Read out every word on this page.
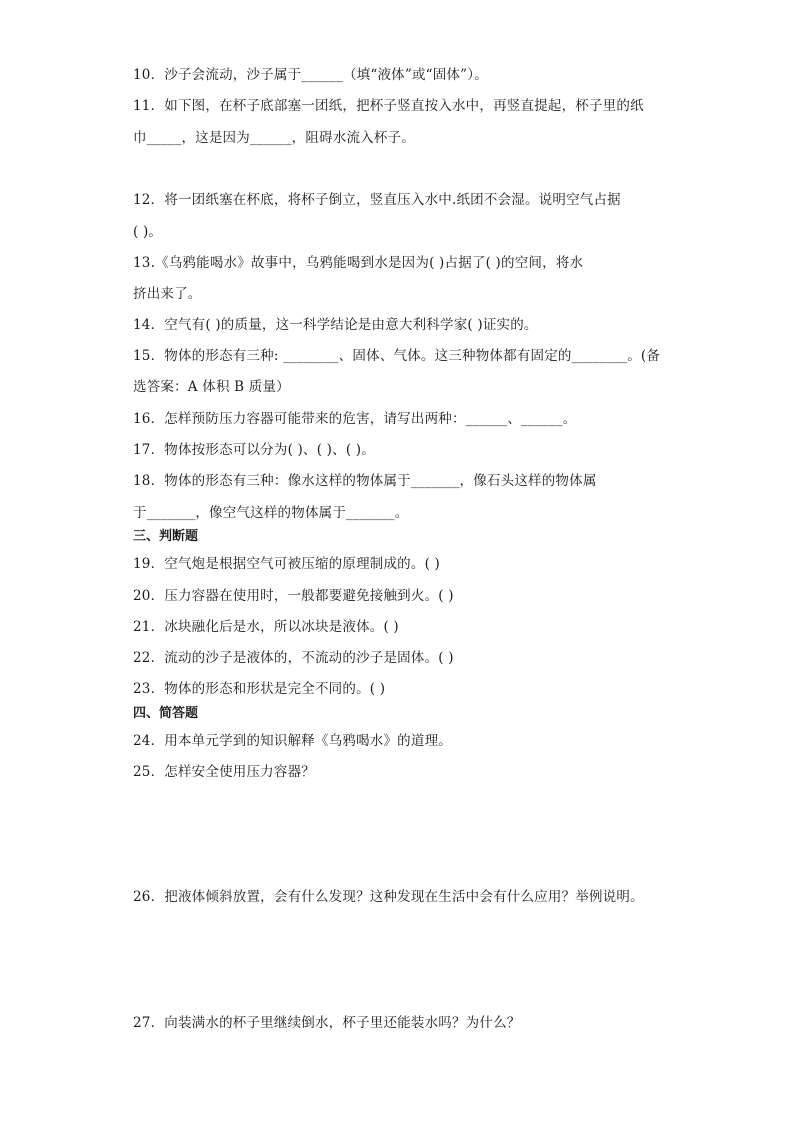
10．沙子会流动，沙子属于______（填“液体”或“固体”）。
11．如下图，在杯子底部塞一团纸，把杯子竖直按入水中，再竖直提起，杯子里的纸
巾_____，这是因为______，阻碍水流入杯子。
12．将一团纸塞在杯底，将杯子倒立，竖直压入水中.纸团不会湿。说明空气占据
( )。
13.《乌鸦能喝水》故事中，乌鸦能喝到水是因为( )占据了( )的空间，将水
挤出来了。
14．空气有( )的质量，这一科学结论是由意大利科学家( )证实的。
15．物体的形态有三种: ________、固体、气体。这三种物体都有固定的________。(备
选答案：A 体积 B 质量）
16．怎样预防压力容器可能带来的危害，请写出两种：______、______。
17．物体按形态可以分为( )、( )、( )。
18．物体的形态有三种：像水这样的物体属于_______，像石头这样的物体属
于_______，像空气这样的物体属于_______。
三、判断题
19．空气炮是根据空气可被压缩的原理制成的。( )
20．压力容器在使用时，一般都要避免接触到火。( )
21．冰块融化后是水，所以冰块是液体。( )
22．流动的沙子是液体的，不流动的沙子是固体。( )
23．物体的形态和形状是完全不同的。( )
四、简答题
24．用本单元学到的知识解释《乌鸦喝水》的道理。
25．怎样安全使用压力容器？
26．把液体倾斜放置，会有什么发现？这种发现在生活中会有什么应用？举例说明。
27．向装满水的杯子里继续倒水，杯子里还能装水吗？为什么？
